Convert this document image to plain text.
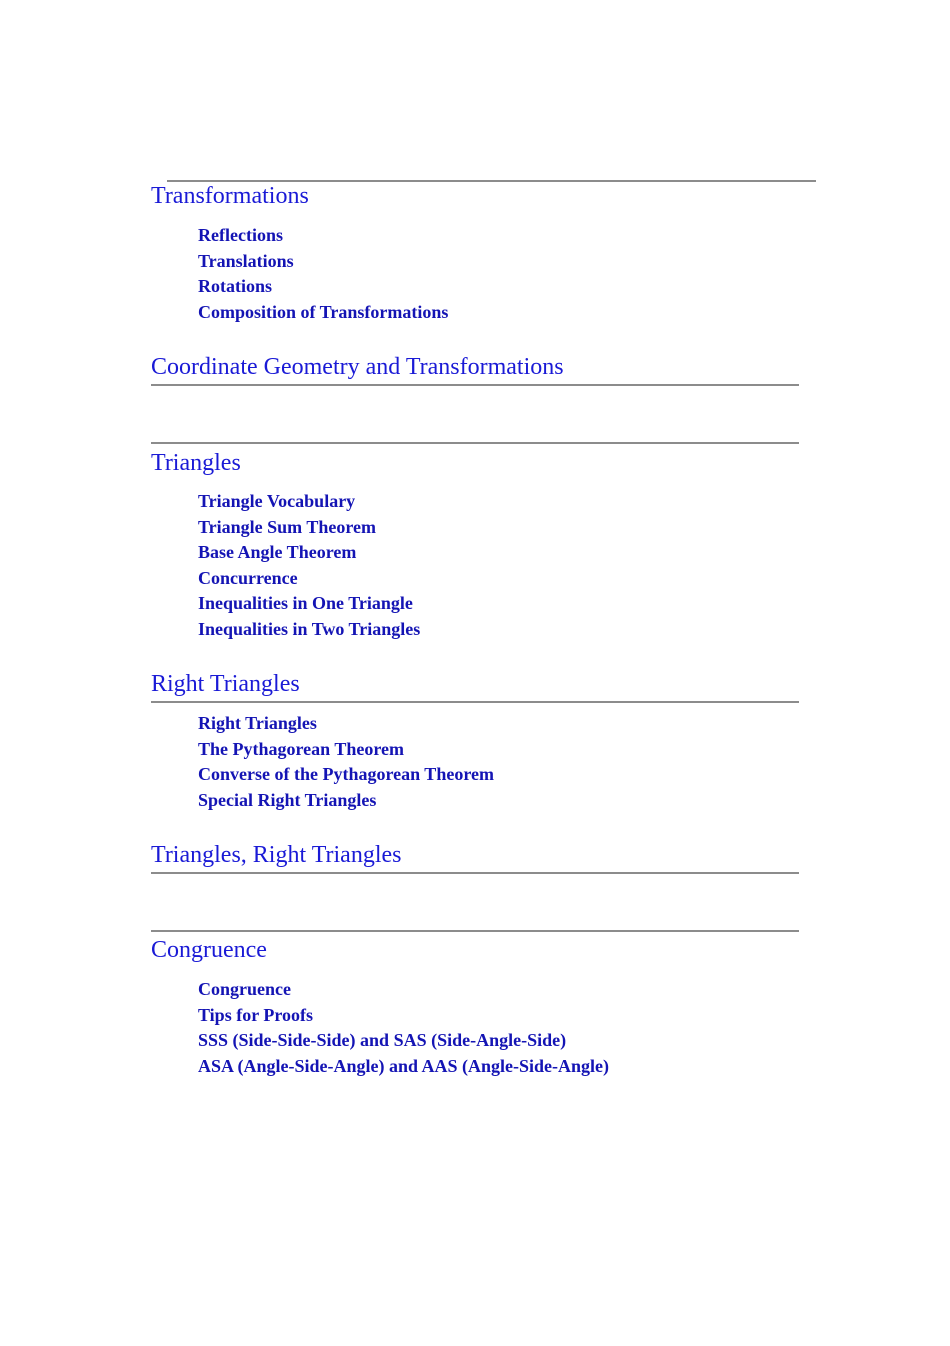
Transformations
Reflections
Translations
Rotations
Composition of Transformations
Coordinate Geometry and Transformations
Triangles
Triangle Vocabulary
Triangle Sum Theorem
Base Angle Theorem
Concurrence
Inequalities in One Triangle
Inequalities in Two Triangles
Right Triangles
Right Triangles
The Pythagorean Theorem
Converse of the Pythagorean Theorem
Special Right Triangles
Triangles, Right Triangles
Congruence
Congruence
Tips for Proofs
SSS (Side-Side-Side) and SAS (Side-Angle-Side)
ASA (Angle-Side-Angle) and AAS (Angle-Side-Angle)
